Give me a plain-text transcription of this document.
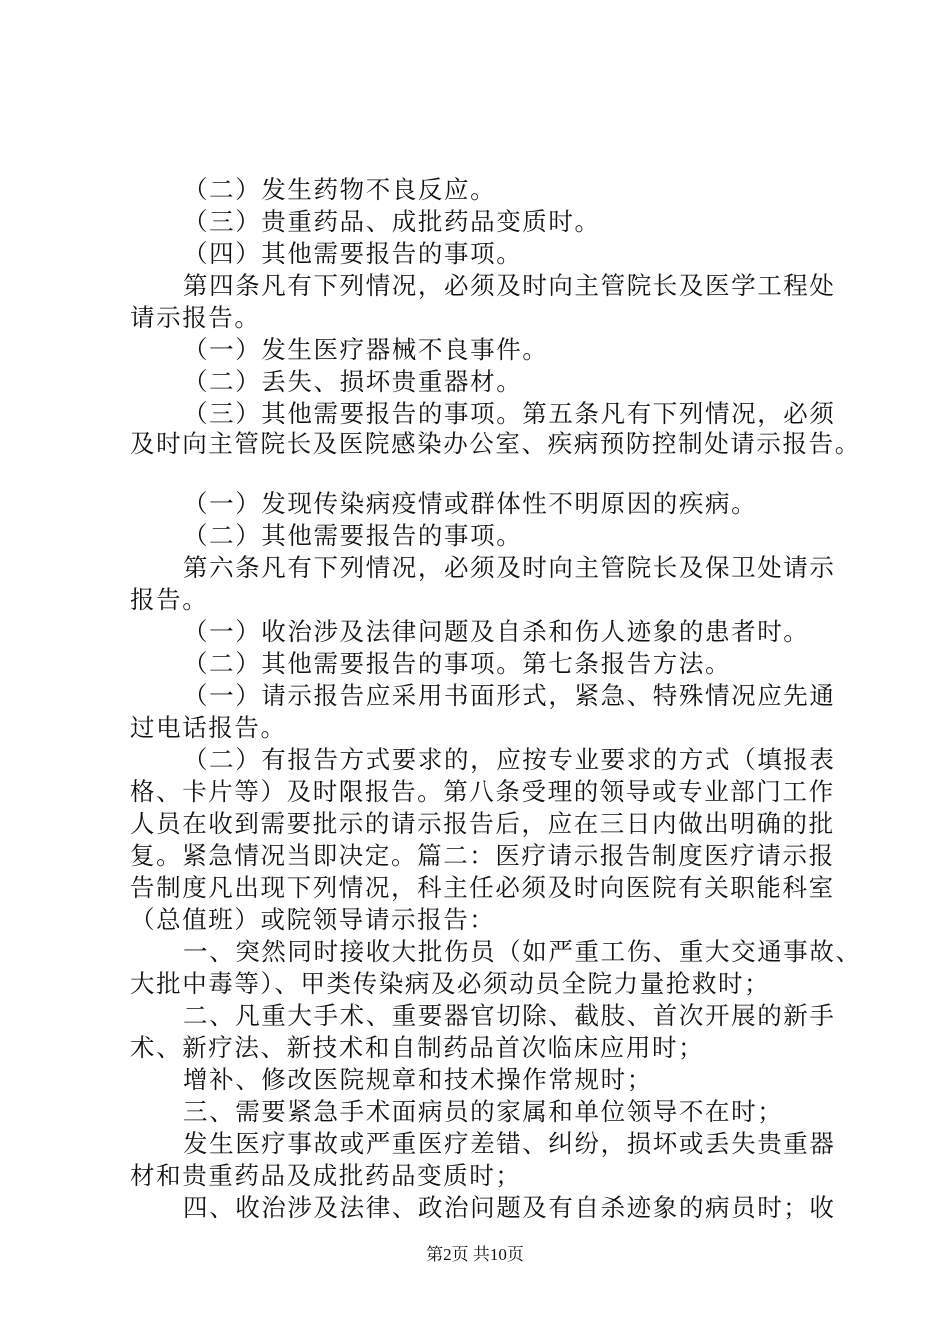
（二）发生药物不良反应。
（三）贵重药品、成批药品变质时。
（四）其他需要报告的事项。
第四条凡有下列情况，必须及时向主管院长及医学工程处
请示报告。
（一）发生医疗器械不良事件。
（二）丢失、损坏贵重器材。
（三）其他需要报告的事项。第五条凡有下列情况，必须
及时向主管院长及医院感染办公室、疾病预防控制处请示报告。
（一）发现传染病疫情或群体性不明原因的疾病。
（二）其他需要报告的事项。
第六条凡有下列情况，必须及时向主管院长及保卫处请示
报告。
（一）收治涉及法律问题及自杀和伤人迹象的患者时。
（二）其他需要报告的事项。第七条报告方法。
（一）请示报告应采用书面形式，紧急、特殊情况应先通
过电话报告。
（二）有报告方式要求的，应按专业要求的方式（填报表
格、卡片等）及时限报告。第八条受理的领导或专业部门工作
人员在收到需要批示的请示报告后，应在三日内做出明确的批
复。紧急情况当即决定。篇二：医疗请示报告制度医疗请示报
告制度凡出现下列情况，科主任必须及时向医院有关职能科室
（总值班）或院领导请示报告：
一、突然同时接收大批伤员（如严重工伤、重大交通事故、
大批中毒等）、甲类传染病及必须动员全院力量抢救时；
二、凡重大手术、重要器官切除、截肢、首次开展的新手
术、新疗法、新技术和自制药品首次临床应用时；
增补、修改医院规章和技术操作常规时；
三、需要紧急手术面病员的家属和单位领导不在时；
发生医疗事故或严重医疗差错、纠纷，损坏或丢失贵重器
材和贵重药品及成批药品变质时；
四、收治涉及法律、政治问题及有自杀迹象的病员时；收
第2页 共10页
